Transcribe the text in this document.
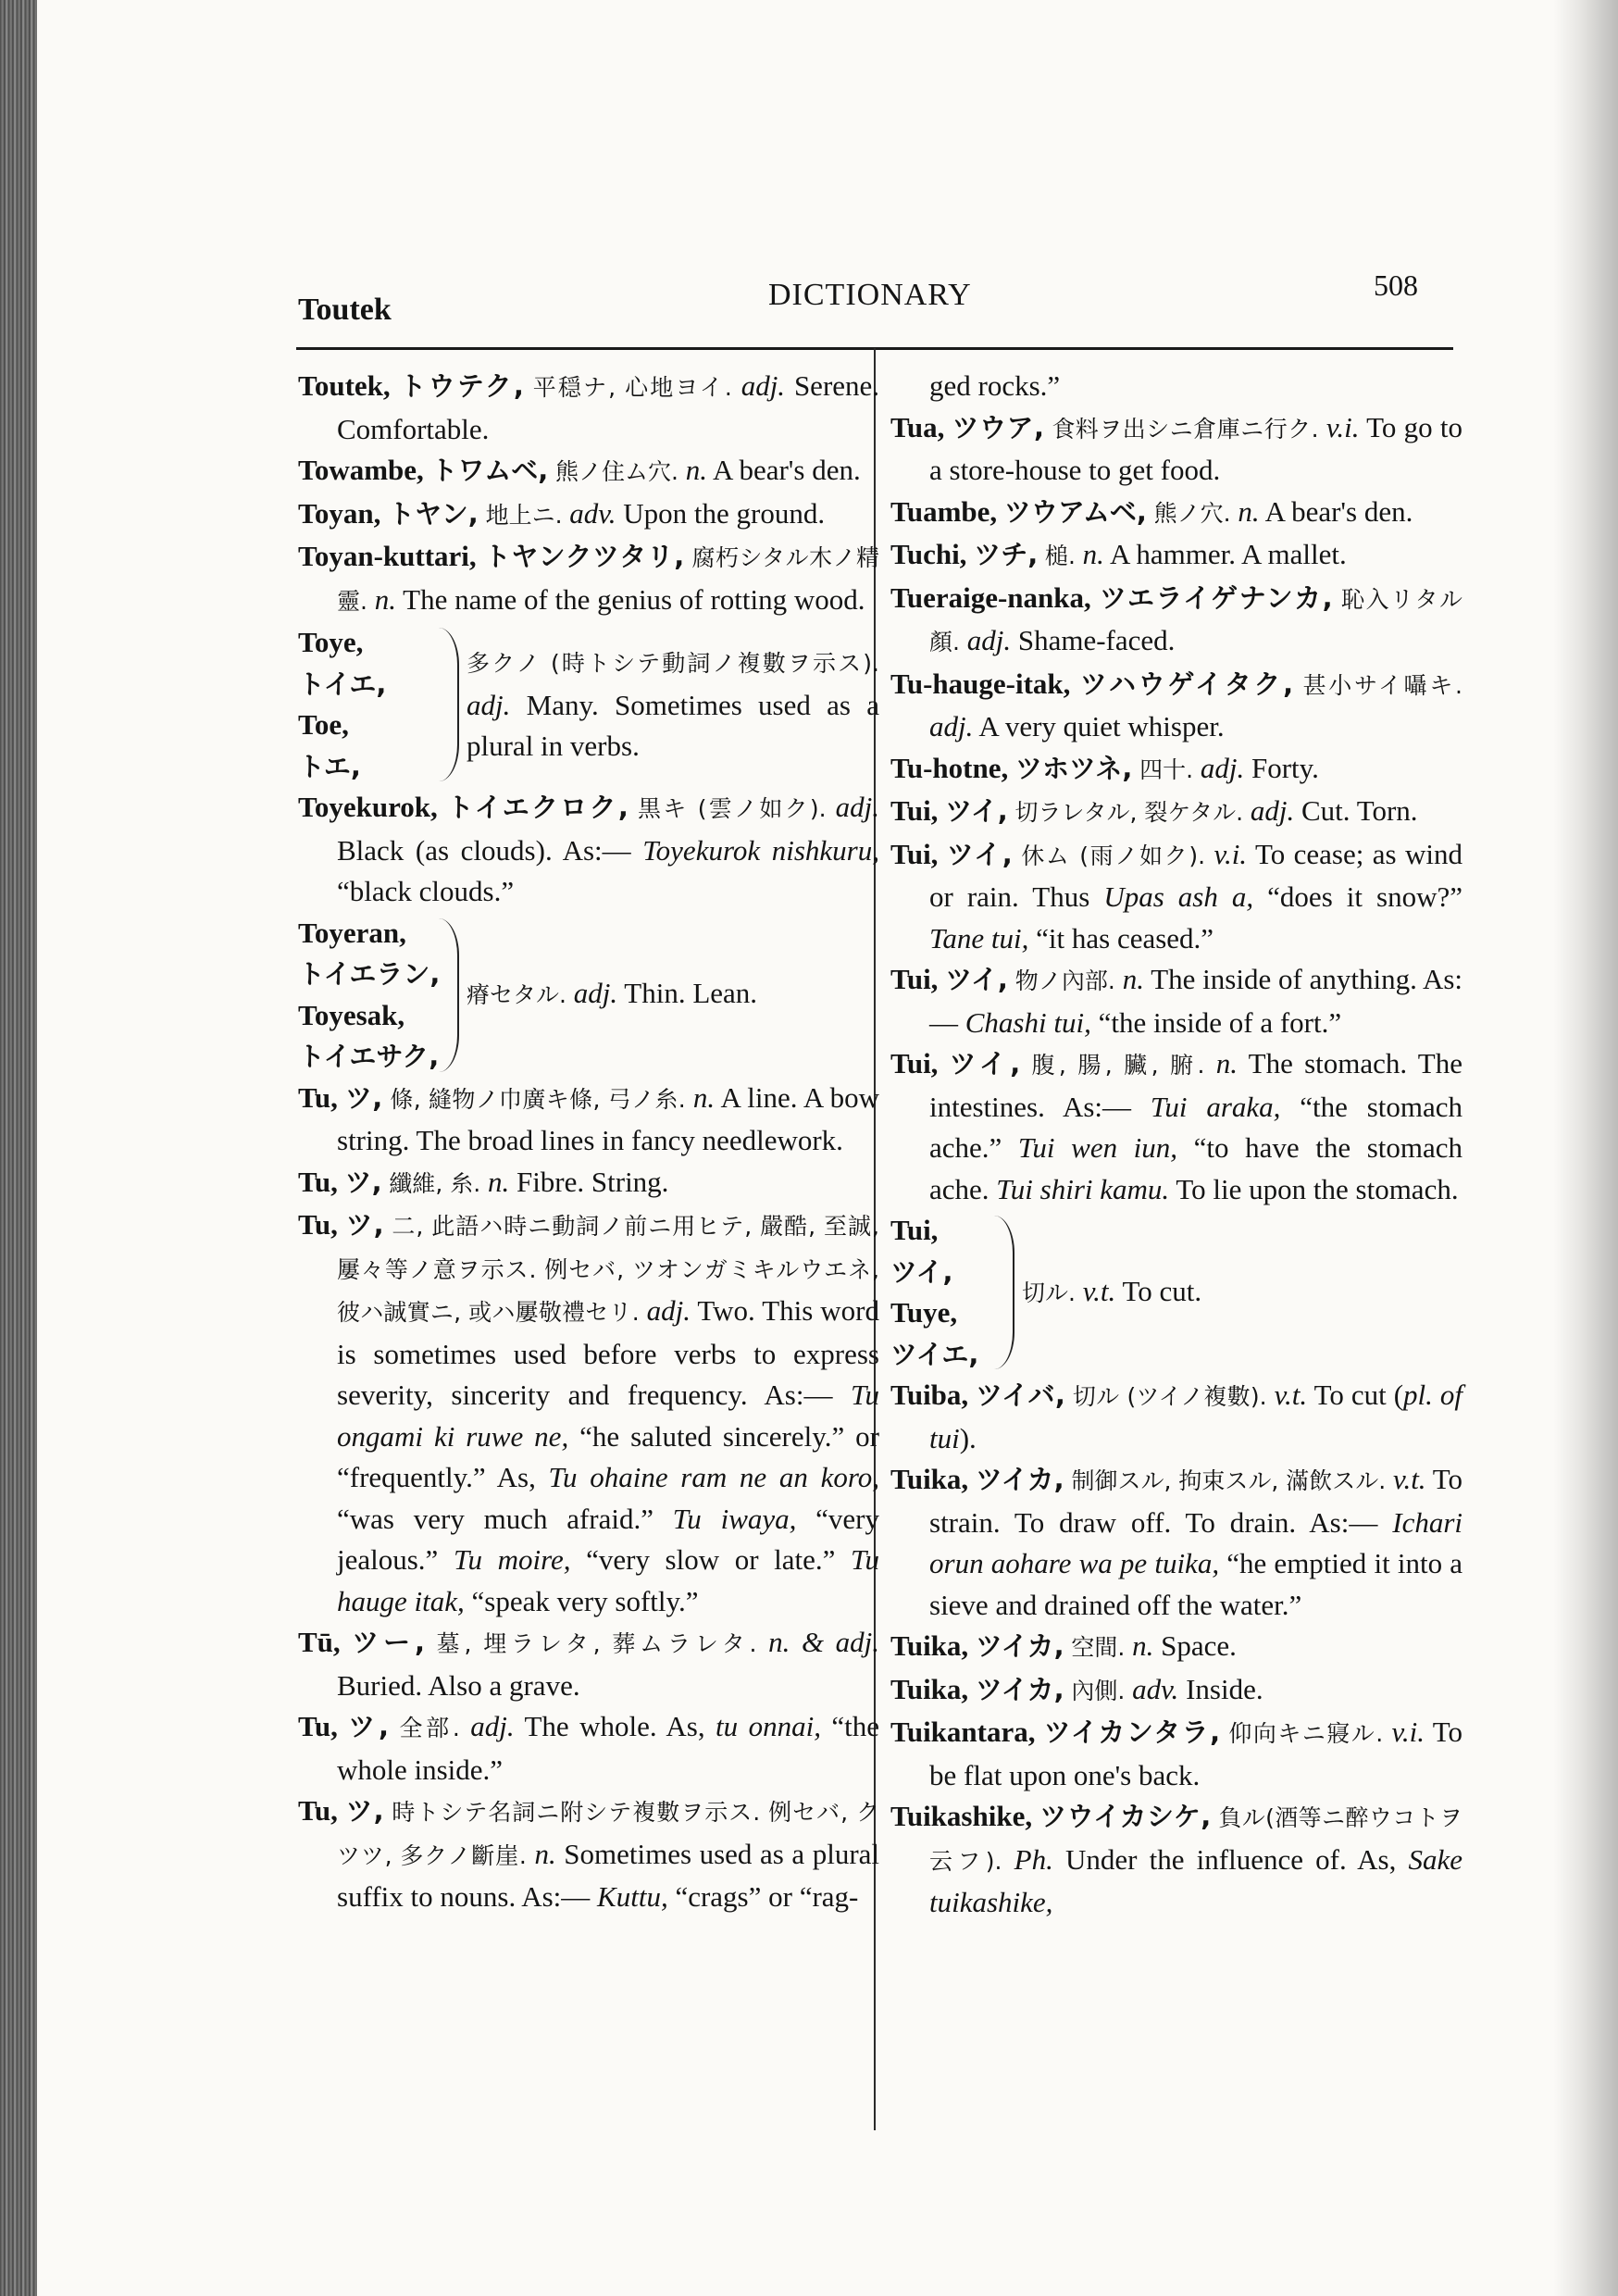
Toutek	DICTIONARY	508

Toutek, トウテク, 平穏ナ, 心地ヨイ. adj. Serene. Comfortable.

Towambe, トワムベ, 熊ノ住ム穴. n. A bear's den.

Toyan, トヤン, 地上ニ. adv. Upon the ground.

Toyan-kuttari, トヤンクツタリ, 腐朽シタル木ノ精靈. n. The name of the genius of rotting wood.

Toye,
トイエ,
Toe,
トエ,
多クノ (時トシテ動詞ノ複數ヲ示ス). adj. Many. Sometimes used as a plural in verbs.

Toyekurok, トイエクロク, 黒キ (雲ノ如ク). adj. Black (as clouds). As:— Toyekurok nishkuru, “black clouds.”

Toyeran,
トイエラン,
Toyesak,
トイエサク,
瘠セタル. adj. Thin. Lean.

Tu, ツ, 條, 縫物ノ巾廣キ條, 弓ノ糸. n. A line. A bow string. The broad lines in fancy needlework.

Tu, ツ, 纖維, 糸. n. Fibre. String.

Tu, ツ, 二, 此語ハ時ニ動詞ノ前ニ用ヒテ, 嚴酷, 至誠, 屢々等ノ意ヲ示ス. 例セバ, ツオンガミキルウエネ, 彼ハ誠實ニ, 或ハ屢敬禮セリ. adj. Two. This word is sometimes used before verbs to express severity, sincerity and frequency. As:— Tu ongami ki ruwe ne, “he saluted sincerely.” or “frequently.” As, Tu ohaine ram ne an koro, “was very much afraid.” Tu iwaya, “very jealous.” Tu moire, “very slow or late.” Tu hauge itak, “speak very softly.”

Tū, ツー, 墓, 埋ラレタ, 葬ムラレタ. n. & adj. Buried. Also a grave.

Tu, ツ, 全部. adj. The whole. As, tu onnai, “the whole inside.”

Tu, ツ, 時トシテ名詞ニ附シテ複數ヲ示ス. 例セバ, クツツ, 多クノ斷崖. n. Sometimes used as a plural suffix to nouns. As:— Kuttu, “crags” or “rag-

ged rocks.”

Tua, ツウア, 食料ヲ出シニ倉庫ニ行ク. v.i. To go to a store-house to get food.

Tuambe, ツウアムベ, 熊ノ穴. n. A bear's den.

Tuchi, ツチ, 槌. n. A hammer. A mallet.

Tueraige-nanka, ツエライゲナンカ, 恥入リタル顏. adj. Shame-faced.

Tu-hauge-itak, ツハウゲイタク, 甚小サイ囁キ. adj. A very quiet whisper.

Tu-hotne, ツホツネ, 四十. adj. Forty.

Tui, ツイ, 切ラレタル, 裂ケタル. adj. Cut. Torn.

Tui, ツイ, 休ム (雨ノ如ク). v.i. To cease; as wind or rain. Thus Upas ash a, “does it snow?” Tane tui, “it has ceased.”

Tui, ツイ, 物ノ內部. n. The inside of anything. As:— Chashi tui, “the inside of a fort.”

Tui, ツイ, 腹, 腸, 臟, 腑. n. The stomach. The intestines. As:— Tui araka, “the stomach ache.” Tui wen iun, “to have the stomach ache. Tui shiri kamu. To lie upon the stomach.

Tui,
ツイ,
Tuye,
ツイエ,
切ル. v.t. To cut.

Tuiba, ツイバ, 切ル (ツイノ複數). v.t. To cut (pl. of tui).

Tuika, ツイカ, 制御スル, 拘束スル, 滿飲スル. v.t. To strain. To draw off. To drain. As:— Ichari orun aohare wa pe tuika, “he emptied it into a sieve and drained off the water.”

Tuika, ツイカ, 空間. n. Space.

Tuika, ツイカ, 內側. adv. Inside.

Tuikantara, ツイカンタラ, 仰向キニ寢ル. v.i. To be flat upon one's back.

Tuikashike, ツウイカシケ, 負ル(酒等ニ醉ウコトヲ云フ). Ph. Under the influence of. As, Sake tuikashike,
